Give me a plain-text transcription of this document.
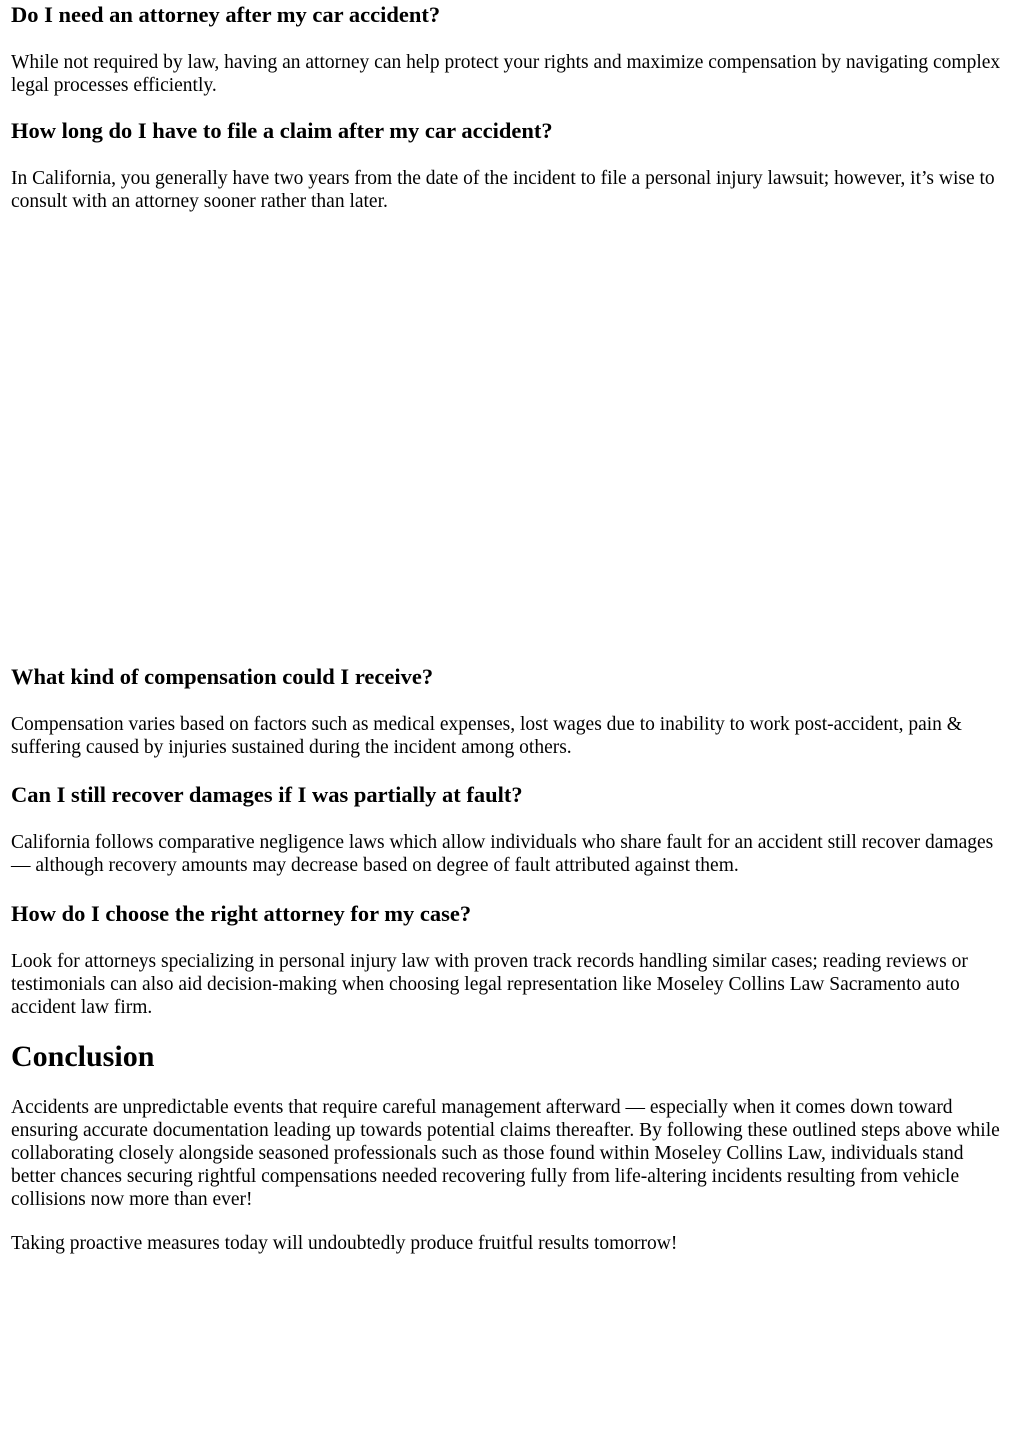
Do I need an attorney after my car accident?

While not required by law, having an attorney can help protect your rights and maximize compensation by navigating complex legal processes efficiently.

How long do I have to file a claim after my car accident?

In California, you generally have two years from the date of the incident to file a personal injury lawsuit; however, it’s wise to consult with an attorney sooner rather than later.

What kind of compensation could I receive?

Compensation varies based on factors such as medical expenses, lost wages due to inability to work post-accident, pain & suffering caused by injuries sustained during the incident among others.

Can I still recover damages if I was partially at fault?

California follows comparative negligence laws which allow individuals who share fault for an accident still recover damages — although recovery amounts may decrease based on degree of fault attributed against them.

How do I choose the right attorney for my case?

Look for attorneys specializing in personal injury law with proven track records handling similar cases; reading reviews or testimonials can also aid decision-making when choosing legal representation like Moseley Collins Law Sacramento auto accident law firm.

Conclusion

Accidents are unpredictable events that require careful management afterward — especially when it comes down toward ensuring accurate documentation leading up towards potential claims thereafter. By following these outlined steps above while collaborating closely alongside seasoned professionals such as those found within Moseley Collins Law, individuals stand better chances securing rightful compensations needed recovering fully from life-altering incidents resulting from vehicle collisions now more than ever!

Taking proactive measures today will undoubtedly produce fruitful results tomorrow!
